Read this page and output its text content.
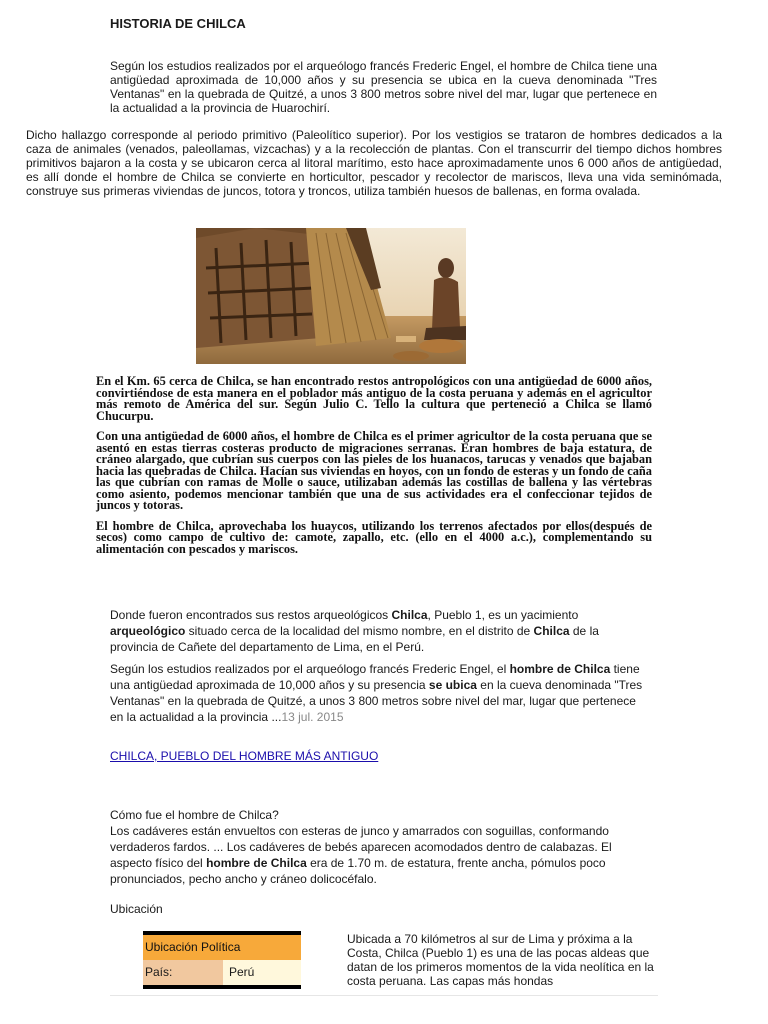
HISTORIA DE CHILCA

Según los estudios realizados por el arqueólogo francés Frederic Engel, el hombre de Chilca tiene una antigüedad aproximada de 10,000 años y su presencia se ubica en la cueva denominada "Tres Ventanas" en la quebrada de Quitzé, a unos 3 800 metros sobre nivel del mar, lugar que pertenece en la actualidad a la provincia de Huarochirí.

Dicho hallazgo corresponde al periodo primitivo (Paleolítico superior). Por los vestigios se trataron de hombres dedicados a la caza de animales (venados, paleollamas, vizcachas) y a la recolección de plantas. Con el transcurrir del tiempo dichos hombres primitivos bajaron a la costa y se ubicaron cerca al litoral marítimo, esto hace aproximadamente unos 6 000 años de antigüedad, es allí donde el hombre de Chilca se convierte en horticultor, pescador y recolector de mariscos, lleva una vida seminómada, construye sus primeras viviendas de juncos, totora y troncos, utiliza también huesos de ballenas, en forma ovalada.

En el Km. 65 cerca de Chilca, se han encontrado restos antropológicos con una antigüedad de 6000 años, convirtiéndose de esta manera en el poblador más antiguo de la costa peruana y además en el agricultor más remoto de América del sur. Según Julio C. Tello la cultura que perteneció a Chilca se llamó Chucurpu.

Con una antigüedad de 6000 años, el hombre de Chilca es el primer agricultor de la costa peruana que se asentó en estas tierras costeras producto de migraciones serranas. Eran hombres de baja estatura, de cráneo alargado, que cubrían sus cuerpos con las pieles de los huanacos, tarucas y venados que bajaban hacia las quebradas de Chilca. Hacían sus viviendas en hoyos, con un fondo de esteras y un fondo de caña las que cubrían con ramas de Molle o sauce, utilizaban además las costillas de ballena y las vértebras como asiento, podemos mencionar también que una de sus actividades era el confeccionar tejidos de juncos y totoras.

El hombre de Chilca, aprovechaba los huaycos, utilizando los terrenos afectados por ellos(después de secos) como campo de cultivo de: camote, zapallo, etc. (ello en el 4000 a.c.), complementando su alimentación con pescados y mariscos.

Donde fueron encontrados sus restos arqueológicos Chilca, Pueblo 1, es un yacimiento arqueológico situado cerca de la localidad del mismo nombre, en el distrito de Chilca de la provincia de Cañete del departamento de Lima, en el Perú.

Según los estudios realizados por el arqueólogo francés Frederic Engel, el hombre de Chilca tiene una antigüedad aproximada de 10,000 años y su presencia se ubica en la cueva denominada "Tres Ventanas" en la quebrada de Quitzé, a unos 3 800 metros sobre nivel del mar, lugar que pertenece en la actualidad a la provincia ...13 jul. 2015

CHILCA, PUEBLO DEL HOMBRE MÁS ANTIGUO

Cómo fue el hombre de Chilca?
Los cadáveres están envueltos con esteras de junco y amarrados con soguillas, conformando verdaderos fardos. ... Los cadáveres de bebés aparecen acomodados dentro de calabazas. El aspecto físico del hombre de Chilca era de 1.70 m. de estatura, frente ancha, pómulos poco pronunciados, pecho ancho y cráneo dolicocéfalo.

Ubicación
Ubicación Política
País:	Perú

Ubicada a 70 kilómetros al sur de Lima y próxima a la Costa, Chilca (Pueblo 1) es una de las pocas aldeas que datan de los primeros momentos de la vida neolítica en la costa peruana. Las capas más hondas
